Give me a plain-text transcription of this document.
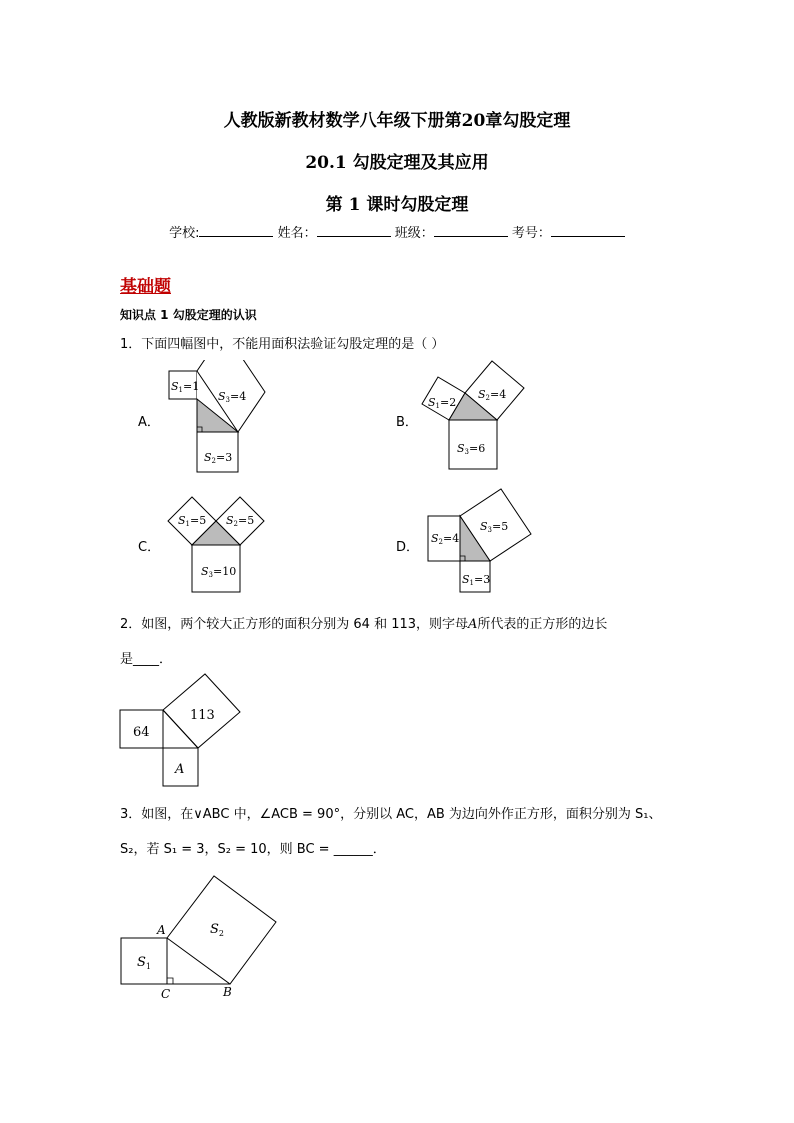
人教版新教材数学八年级下册第20章勾股定理
20.1 勾股定理及其应用
第 1 课时勾股定理
学校:	姓名：	班级：	考号：
基础题
知识点 1 勾股定理的认识
1．下面四幅图中，不能用面积法验证勾股定理的是（ ）
A．
S1=1
S2=3
S3=4
B．
S1=2
S2=4
S3=6
C．
S1=5 S2=5
S3=10
D．
S2=4
S1=3
S3=5
2．如图，两个较大正方形的面积分别为 64 和 113，则字母A所代表的正方形的边长
是____．
64
113
A
3．如图，在∨ABC 中，∠ACB = 90°，分别以 AC，AB 为边向外作正方形，面积分别为 S₁、
S₂，若 S₁ = 3，S₂ = 10，则 BC = ______．
$S_1$
$S_2$
A
C	B
